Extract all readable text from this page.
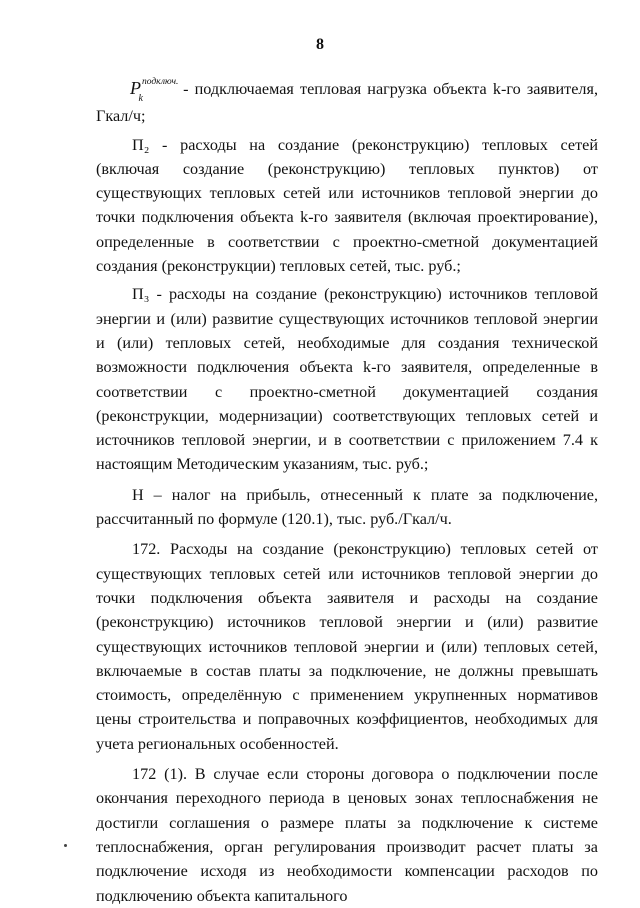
8

$P^{подключ.}_k$ - подключаемая тепловая нагрузка объекта k-го заявителя, Гкал/ч;

П₂ - расходы на создание (реконструкцию) тепловых сетей (включая создание (реконструкцию) тепловых пунктов) от существующих тепловых сетей или источников тепловой энергии до точки подключения объекта k-го заявителя (включая проектирование), определенные в соответствии с проектно-сметной документацией создания (реконструкции) тепловых сетей, тыс. руб.;

П₃ - расходы на создание (реконструкцию) источников тепловой энергии и (или) развитие существующих источников тепловой энергии и (или) тепловых сетей, необходимые для создания технической возможности подключения объекта k-го заявителя, определенные в соответствии с проектно-сметной документацией создания (реконструкции, модернизации) соответствующих тепловых сетей и источников тепловой энергии, и в соответствии с приложением 7.4 к настоящим Методическим указаниям, тыс. руб.;

Н – налог на прибыль, отнесенный к плате за подключение, рассчитанный по формуле (120.1), тыс. руб./Гкал/ч.

172. Расходы на создание (реконструкцию) тепловых сетей от существующих тепловых сетей или источников тепловой энергии до точки подключения объекта заявителя и расходы на создание (реконструкцию) источников тепловой энергии и (или) развитие существующих источников тепловой энергии и (или) тепловых сетей, включаемые в состав платы за подключение, не должны превышать стоимость, определённую с применением укрупненных нормативов цены строительства и поправочных коэффициентов, необходимых для учета региональных особенностей.

172 (1). В случае если стороны договора о подключении после окончания переходного периода в ценовых зонах теплоснабжения не достигли соглашения о размере платы за подключение к системе теплоснабжения, орган регулирования производит расчет платы за подключение исходя из необходимости компенсации расходов по подключению объекта капитального
